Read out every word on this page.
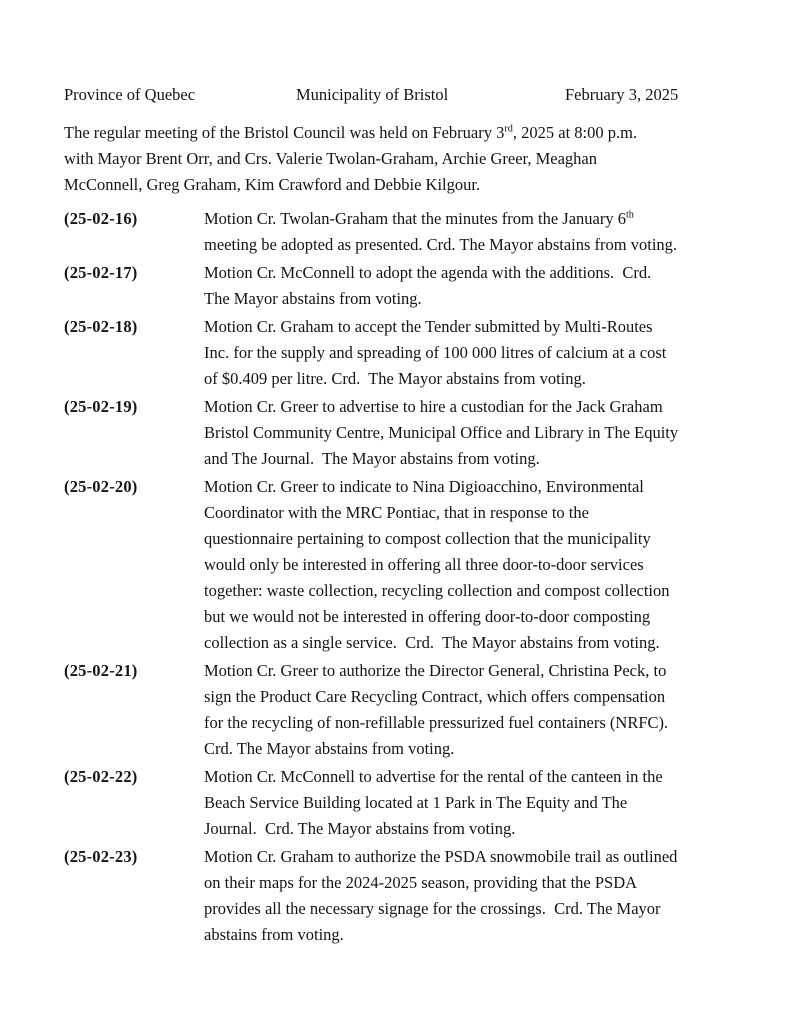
Province of Quebec	Municipality of Bristol	February 3, 2025
The regular meeting of the Bristol Council was held on February 3rd, 2025 at 8:00 p.m.
with Mayor Brent Orr, and Crs. Valerie Twolan-Graham, Archie Greer, Meaghan
McConnell, Greg Graham, Kim Crawford and Debbie Kilgour.
(25-02-16)	Motion Cr. Twolan-Graham that the minutes from the January 6th
meeting be adopted as presented. Crd. The Mayor abstains from voting.
(25-02-17)	Motion Cr. McConnell to adopt the agenda with the additions.  Crd.
The Mayor abstains from voting.
(25-02-18)	Motion Cr. Graham to accept the Tender submitted by Multi-Routes
Inc. for the supply and spreading of 100 000 litres of calcium at a cost
of $0.409 per litre. Crd.  The Mayor abstains from voting.
(25-02-19)	Motion Cr. Greer to advertise to hire a custodian for the Jack Graham
Bristol Community Centre, Municipal Office and Library in The Equity
and The Journal.  The Mayor abstains from voting.
(25-02-20)	Motion Cr. Greer to indicate to Nina Digioacchino, Environmental
Coordinator with the MRC Pontiac, that in response to the
questionnaire pertaining to compost collection that the municipality
would only be interested in offering all three door-to-door services
together: waste collection, recycling collection and compost collection
but we would not be interested in offering door-to-door composting
collection as a single service.  Crd.  The Mayor abstains from voting.
(25-02-21)	Motion Cr. Greer to authorize the Director General, Christina Peck, to
sign the Product Care Recycling Contract, which offers compensation
for the recycling of non-refillable pressurized fuel containers (NRFC).
Crd. The Mayor abstains from voting.
(25-02-22)	Motion Cr. McConnell to advertise for the rental of the canteen in the
Beach Service Building located at 1 Park in The Equity and The
Journal.  Crd. The Mayor abstains from voting.
(25-02-23)	Motion Cr. Graham to authorize the PSDA snowmobile trail as outlined
on their maps for the 2024-2025 season, providing that the PSDA
provides all the necessary signage for the crossings.  Crd. The Mayor
abstains from voting.
